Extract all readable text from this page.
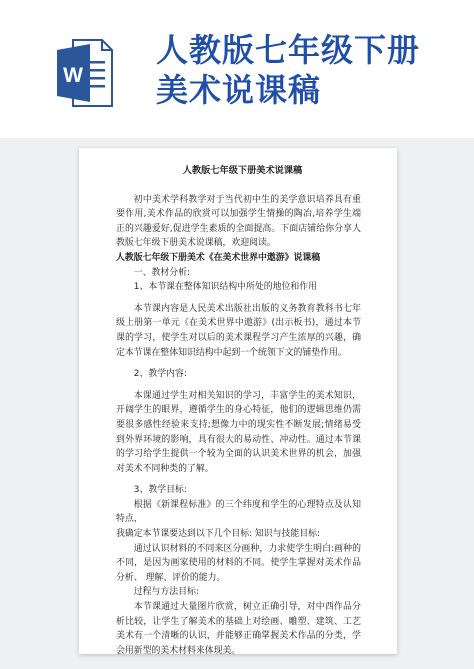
W
人教版七年级下册
美术说课稿
人教版七年级下册美术说课稿

初中美术学科教学对于当代初中生的美学意识培养具有重要作用,美术作品的欣赏可以加强学生情操的陶冶,培养学生端正的兴趣爱好,促进学生素质的全面提高。下面店铺给你分享人教版七年级下册美术说课稿，欢迎阅读。

人教版七年级下册美术《在美术世界中遨游》说课稿

一、教材分析:

1、本节课在整体知识结构中所处的地位和作用

本节课内容是人民美术出版社出版的义务教育教科书七年级上册第一单元《在美术世界中遨游》(出示板书)，通过本节课的学习，使学生对以后的美术课程学习产生浓厚的兴趣，确定本节课在整体知识结构中起到一个统领下文的铺垫作用。

2、教学内容:

本课通过学生对相关知识的学习，丰富学生的美术知识，开阔学生的眼界，遵循学生的身心特征，他们的逻辑思维仍需要很多感性经验来支持;想像力中的现实性不断发展;情绪易受到外界环境的影响，具有很大的易动性、冲动性。通过本节课的学习给学生提供一个较为全面的认识美术世界的机会，加强对美术不同种类的了解。

3、教学目标:

根据《新课程标准》的三个纬度和学生的心理特点及认知特点，

我确定本节课要达到以下几个目标: 知识与技能目标:

通过认识材料的不同来区分画种，力求使学生明白:画种的不同，是因为画家使用的材料的不同。使学生掌握对美术作品分析、 理解、评价的能力。

过程与方法目标:

本节课通过大量图片欣赏，树立正确引导，对中西作品分析比较，让学生了解美术的基础上对绘画、雕塑、建筑、工艺美术有一个清晰的认识，并能够正确掌握美术作品的分类，学会用新型的美术材料来体现美。
